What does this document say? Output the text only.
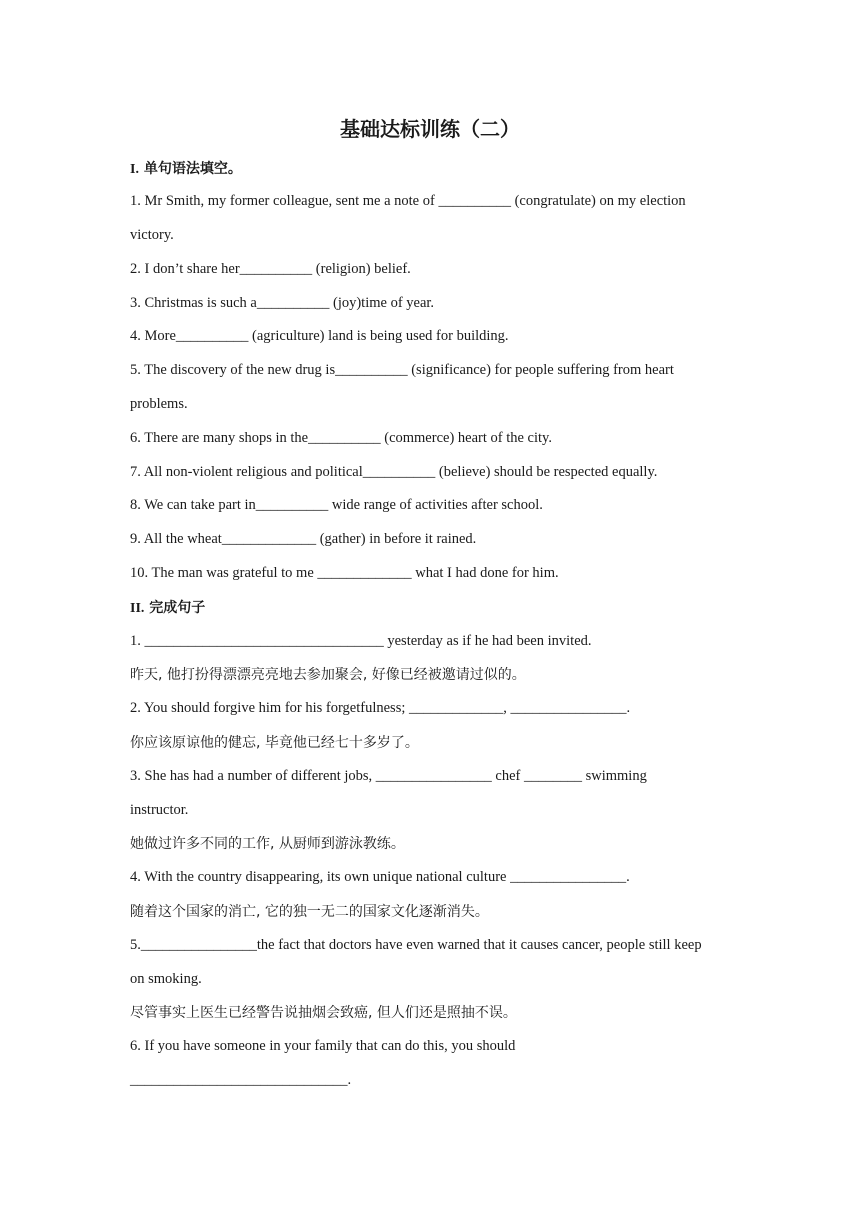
基础达标训练（二）
I. 单句语法填空。
1. Mr Smith, my former colleague, sent me a note of __________ (congratulate) on my election
victory.
2. I don’t share her__________ (religion) belief.
3. Christmas is such a__________ (joy)time of year.
4. More__________ (agriculture) land is being used for building.
5. The discovery of the new drug is__________ (significance) for people suffering from heart
problems.
6. There are many shops in the__________ (commerce) heart of the city.
7. All non-violent religious and political__________ (believe) should be respected equally.
8. We can take part in__________ wide range of activities after school.
9. All the wheat_____________ (gather) in before it rained.
10. The man was grateful to me _____________ what I had done for him.
II. 完成句子
1. _________________________________ yesterday as if he had been invited.
昨天, 他打扮得漂漂亮亮地去参加聚会, 好像已经被邀请过似的。
2. You should forgive him for his forgetfulness; _____________, ________________.
你应该原谅他的健忘, 毕竟他已经七十多岁了。
3. She has had a number of different jobs, ________________ chef ________ swimming
instructor.
她做过许多不同的工作, 从厨师到游泳教练。
4. With the country disappearing, its own unique national culture ________________.
随着这个国家的消亡, 它的独一无二的国家文化逐渐消失。
5.________________the fact that doctors have even warned that it causes cancer, people still keep
on smoking.
尽管事实上医生已经警告说抽烟会致癌, 但人们还是照抽不误。
6. If you have someone in your family that can do this, you should
______________________________.
